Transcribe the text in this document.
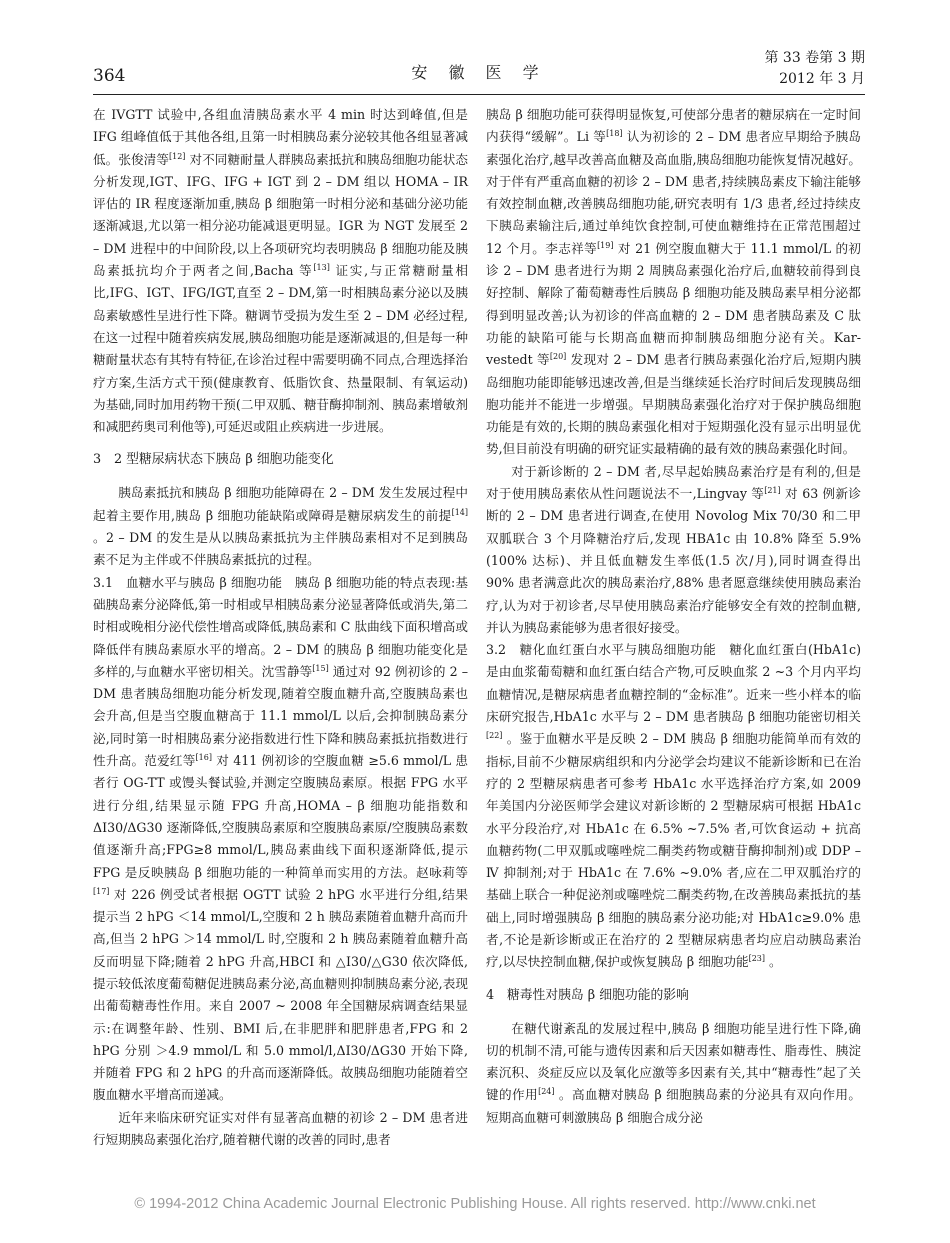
364	安 徽 医 学
第 33 卷第 3 期
2012 年 3 月

在 IVGTT 试验中,各组血清胰岛素水平 4 min 时达到峰值,但是 IFG 组峰值低于其他各组,且第一时相胰岛素分泌较其他各组显著减低。张俊清等[12] 对不同糖耐量人群胰岛素抵抗和胰岛细胞功能状态分析发现,IGT、IFG、IFG + IGT 到 2 – DM 组以 HOMA – IR 评估的 IR 程度逐渐加重,胰岛 β 细胞第一时相分泌和基础分泌功能逐渐减退,尤以第一相分泌功能减退更明显。IGR 为 NGT 发展至 2 – DM 进程中的中间阶段,以上各项研究均表明胰岛 β 细胞功能及胰岛素抵抗均介于两者之间,Bacha 等[13] 证实,与正常糖耐量相比,IFG、IGT、IFG/IGT,直至 2 – DM,第一时相胰岛素分泌以及胰岛素敏感性呈进行性下降。糖调节受损为发生至 2 – DM 必经过程,在这一过程中随着疾病发展,胰岛细胞功能是逐渐减退的,但是每一种糖耐量状态有其特有特征,在诊治过程中需要明确不同点,合理选择治疗方案,生活方式干预(健康教育、低脂饮食、热量限制、有氧运动)为基础,同时加用药物干预(二甲双胍、糖苷酶抑制剂、胰岛素增敏剂和减肥药奥司利他等),可延迟或阻止疾病进一步进展。

3　2 型糖尿病状态下胰岛 β 细胞功能变化

胰岛素抵抗和胰岛 β 细胞功能障碍在 2 – DM 发生发展过程中起着主要作用,胰岛 β 细胞功能缺陷或障碍是糖尿病发生的前提[14] 。2 – DM 的发生是从以胰岛素抵抗为主伴胰岛素相对不足到胰岛素不足为主伴或不伴胰岛素抵抗的过程。

3.1　血糖水平与胰岛 β 细胞功能　胰岛 β 细胞功能的特点表现:基础胰岛素分泌降低,第一时相或早相胰岛素分泌显著降低或消失,第二时相或晚相分泌代偿性增高或降低,胰岛素和 C 肽曲线下面积增高或降低伴有胰岛素原水平的增高。2 – DM 的胰岛 β 细胞功能变化是多样的,与血糖水平密切相关。沈雪静等[15] 通过对 92 例初诊的 2 – DM 患者胰岛细胞功能分析发现,随着空腹血糖升高,空腹胰岛素也会升高,但是当空腹血糖高于 11.1 mmol/L 以后,会抑制胰岛素分泌,同时第一时相胰岛素分泌指数进行性下降和胰岛素抵抗指数进行性升高。范爱红等[16] 对 411 例初诊的空腹血糖 ≥5.6 mmol/L 患者行 OG-TT 或馒头餐试验,并测定空腹胰岛素原。根据 FPG 水平进行分组,结果显示随 FPG 升高,HOMA – β 细胞功能指数和 ΔI30/ΔG30 逐渐降低,空腹胰岛素原和空腹胰岛素原/空腹胰岛素数值逐渐升高;FPG≥8 mmol/L,胰岛素曲线下面积逐渐降低,提示 FPG 是反映胰岛 β 细胞功能的一种简单而实用的方法。赵咏莉等[17] 对 226 例受试者根据 OGTT 试验 2 hPG 水平进行分组,结果提示当 2 hPG ＜14 mmol/L,空腹和 2 h 胰岛素随着血糖升高而升高,但当 2 hPG ＞14 mmol/L 时,空腹和 2 h 胰岛素随着血糖升高反而明显下降;随着 2 hPG 升高,HBCI 和 △I30/△G30 依次降低,提示较低浓度葡萄糖促进胰岛素分泌,高血糖则抑制胰岛素分泌,表现出葡萄糖毒性作用。来自 2007 ~ 2008 年全国糖尿病调查结果显示:在调整年龄、性别、BMI 后,在非肥胖和肥胖患者,FPG 和 2 hPG 分别 ＞4.9 mmol/L 和 5.0 mmol/l,ΔI30/ΔG30 开始下降,并随着 FPG 和 2 hPG 的升高而逐渐降低。故胰岛细胞功能随着空腹血糖水平增高而递减。

近年来临床研究证实对伴有显著高血糖的初诊 2 – DM 患者进行短期胰岛素强化治疗,随着糖代谢的改善的同时,患者

胰岛 β 细胞功能可获得明显恢复,可使部分患者的糖尿病在一定时间内获得“缓解”。Li 等[18] 认为初诊的 2 – DM 患者应早期给予胰岛素强化治疗,越早改善高血糖及高血脂,胰岛细胞功能恢复情况越好。对于伴有严重高血糖的初诊 2 – DM 患者,持续胰岛素皮下输注能够有效控制血糖,改善胰岛细胞功能,研究表明有 1/3 患者,经过持续皮下胰岛素输注后,通过单纯饮食控制,可使血糖维持在正常范围超过 12 个月。李志祥等[19] 对 21 例空腹血糖大于 11.1 mmol/L 的初诊 2 – DM 患者进行为期 2 周胰岛素强化治疗后,血糖较前得到良好控制、解除了葡萄糖毒性后胰岛 β 细胞功能及胰岛素早相分泌都得到明显改善;认为初诊的伴高血糖的 2 – DM 患者胰岛素及 C 肽功能的缺陷可能与长期高血糖而抑制胰岛细胞分泌有关。Kar-vestedt 等[20] 发现对 2 – DM 患者行胰岛素强化治疗后,短期内胰岛细胞功能即能够迅速改善,但是当继续延长治疗时间后发现胰岛细胞功能并不能进一步增强。早期胰岛素强化治疗对于保护胰岛细胞功能是有效的,长期的胰岛素强化相对于短期强化没有显示出明显优势,但目前没有明确的研究证实最精确的最有效的胰岛素强化时间。

对于新诊断的 2 – DM 者,尽早起始胰岛素治疗是有利的,但是对于使用胰岛素依从性问题说法不一,Lingvay 等[21] 对 63 例新诊断的 2 – DM 患者进行调查,在使用 Novolog Mix 70/30 和二甲双胍联合 3 个月降糖治疗后,发现 HBA1c 由 10.8% 降至 5.9%(100% 达标)、并且低血糖发生率低(1.5 次/月),同时调查得出 90% 患者满意此次的胰岛素治疗,88% 患者愿意继续使用胰岛素治疗,认为对于初诊者,尽早使用胰岛素治疗能够安全有效的控制血糖,并认为胰岛素能够为患者很好接受。

3.2　糖化血红蛋白水平与胰岛细胞功能　糖化血红蛋白(HbA1c)是由血浆葡萄糖和血红蛋白结合产物,可反映血浆 2 ~3 个月内平均血糖情况,是糖尿病患者血糖控制的“金标准”。近来一些小样本的临床研究报告,HbA1c 水平与 2 – DM 患者胰岛 β 细胞功能密切相关[22] 。鉴于血糖水平是反映 2 – DM 胰岛 β 细胞功能简单而有效的指标,目前不少糖尿病组织和内分泌学会均建议不能新诊断和已在治疗的 2 型糖尿病患者可参考 HbA1c 水平选择治疗方案,如 2009 年美国内分泌医师学会建议对新诊断的 2 型糖尿病可根据 HbA1c 水平分段治疗,对 HbA1c 在 6.5% ~7.5% 者,可饮食运动 + 抗高血糖药物(二甲双胍或噻唑烷二酮类药物或糖苷酶抑制剂)或 DDP – Ⅳ 抑制剂;对于 HbA1c 在 7.6% ~9.0% 者,应在二甲双胍治疗的基础上联合一种促泌剂或噻唑烷二酮类药物,在改善胰岛素抵抗的基础上,同时增强胰岛 β 细胞的胰岛素分泌功能;对 HbA1c≥9.0% 患者,不论是新诊断或正在治疗的 2 型糖尿病患者均应启动胰岛素治疗,以尽快控制血糖,保护或恢复胰岛 β 细胞功能[23] 。

4　糖毒性对胰岛 β 细胞功能的影响

在糖代谢紊乱的发展过程中,胰岛 β 细胞功能呈进行性下降,确切的机制不清,可能与遗传因素和后天因素如糖毒性、脂毒性、胰淀素沉积、炎症反应以及氧化应激等多因素有关,其中“糖毒性”起了关键的作用[24] 。高血糖对胰岛 β 细胞胰岛素的分泌具有双向作用。短期高血糖可刺激胰岛 β 细胞合成分泌

© 1994-2012 China Academic Journal Electronic Publishing House. All rights reserved. http://www.cnki.net
